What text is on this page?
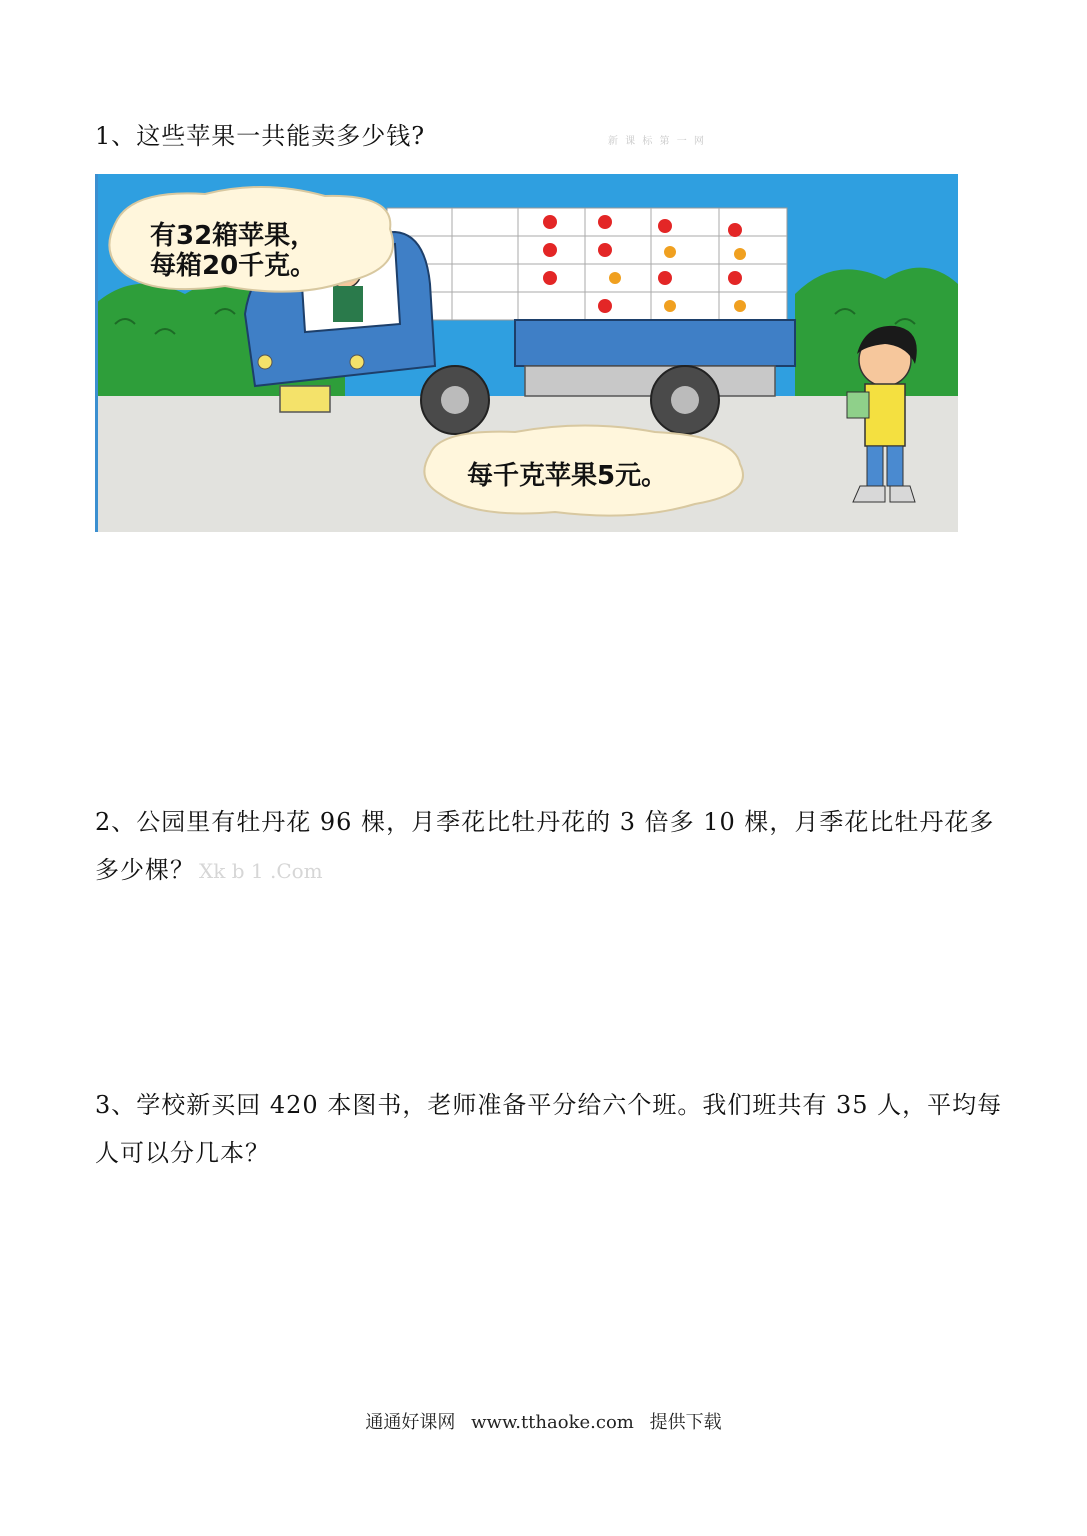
1、这些苹果一共能卖多少钱?	新 课 标 第 一 网
有32箱苹果，
每箱20千克。
每千克苹果5元。
2、公园里有牡丹花 96 棵，月季花比牡丹花的 3 倍多 10 棵，月季花比牡丹花多多少棵？ Xk b 1 .Com
3、学校新买回 420 本图书，老师准备平分给六个班。我们班共有 35 人，平均每人可以分几本？
通通好课网 www.tthaoke.com 提供下载
